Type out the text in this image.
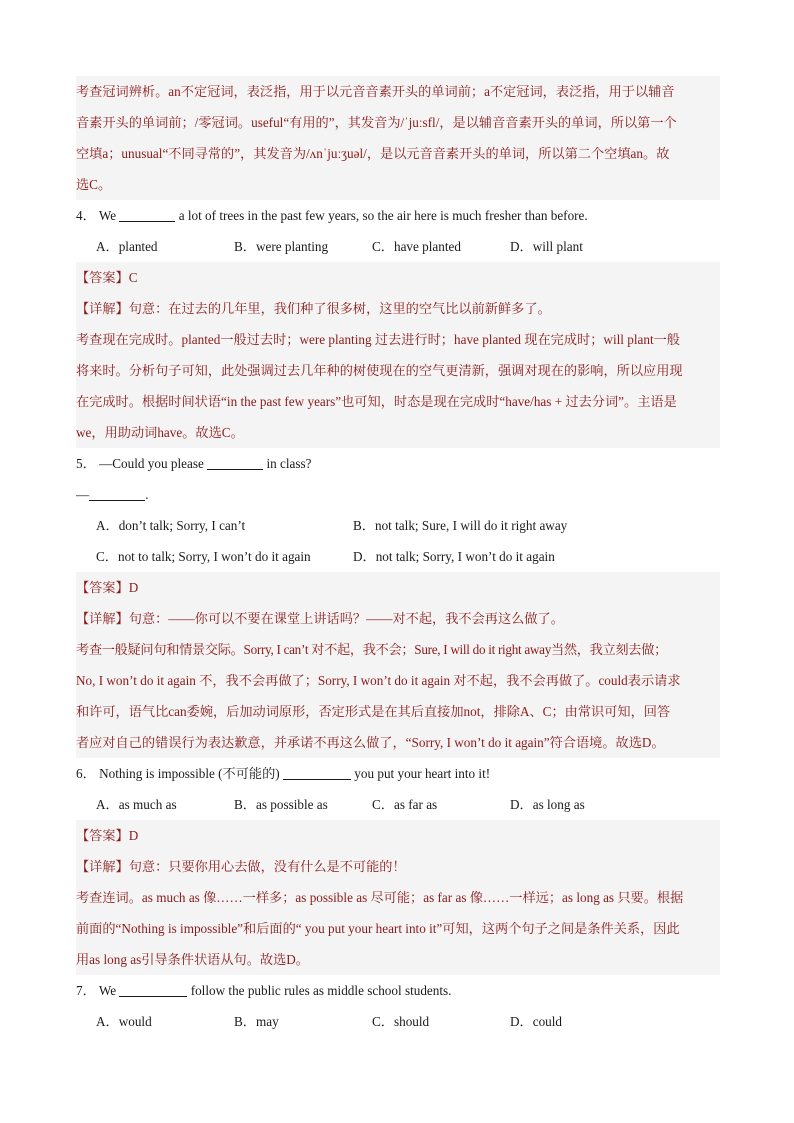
考查冠词辨析。an不定冠词，表泛指，用于以元音音素开头的单词前；a不定冠词，表泛指，用于以辅音
音素开头的单词前；/零冠词。useful“有用的”，其发音为/ˈjuːsfl/，是以辅音音素开头的单词，所以第一个
空填a；unusual“不同寻常的”，其发音为/ʌnˈjuːʒuəl/，是以元音音素开头的单词，所以第二个空填an。故
选C。
4． We	a lot of trees in the past few years, so the air here is much fresher than before.
A．planted	B．were planting	C．have planted	D．will plant
【答案】C
【详解】句意：在过去的几年里，我们种了很多树，这里的空气比以前新鲜多了。
考查现在完成时。planted一般过去时；were planting 过去进行时；have planted 现在完成时；will plant一般
将来时。分析句子可知，此处强调过去几年种的树使现在的空气更清新，强调对现在的影响，所以应用现
在完成时。根据时间状语“in the past few years”也可知，时态是现在完成时“have/has + 过去分词”。主语是
we，用助动词have。故选C。
5． —Could you please	in class?
—	.
A．don’t talk; Sorry, I can’t	B．not talk; Sure, I will do it right away
C．not to talk; Sorry, I won’t do it again	D．not talk; Sorry, I won’t do it again
【答案】D
【详解】句意：——你可以不要在课堂上讲话吗？——对不起，我不会再这么做了。
考查一般疑问句和情景交际。Sorry, I can’t 对不起，我不会；Sure, I will do it right away当然，我立刻去做；
No, I won’t do it again 不，我不会再做了；Sorry, I won’t do it again 对不起，我不会再做了。could表示请求
和许可，语气比can委婉，后加动词原形，否定形式是在其后直接加not，排除A、C；由常识可知，回答
者应对自己的错误行为表达歉意，并承诺不再这么做了，“Sorry, I won’t do it again”符合语境。故选D。
6． Nothing is impossible (不可能的)	you put your heart into it!
A．as much as	B．as possible as	C．as far as	D．as long as
【答案】D
【详解】句意：只要你用心去做，没有什么是不可能的！
考查连词。as much as 像……一样多；as possible as 尽可能；as far as 像……一样远；as long as 只要。根据
前面的“Nothing is impossible”和后面的“ you put your heart into it”可知，这两个句子之间是条件关系，因此
用as long as引导条件状语从句。故选D。
7． We	follow the public rules as middle school students.
A．would	B．may	C．should	D．could
